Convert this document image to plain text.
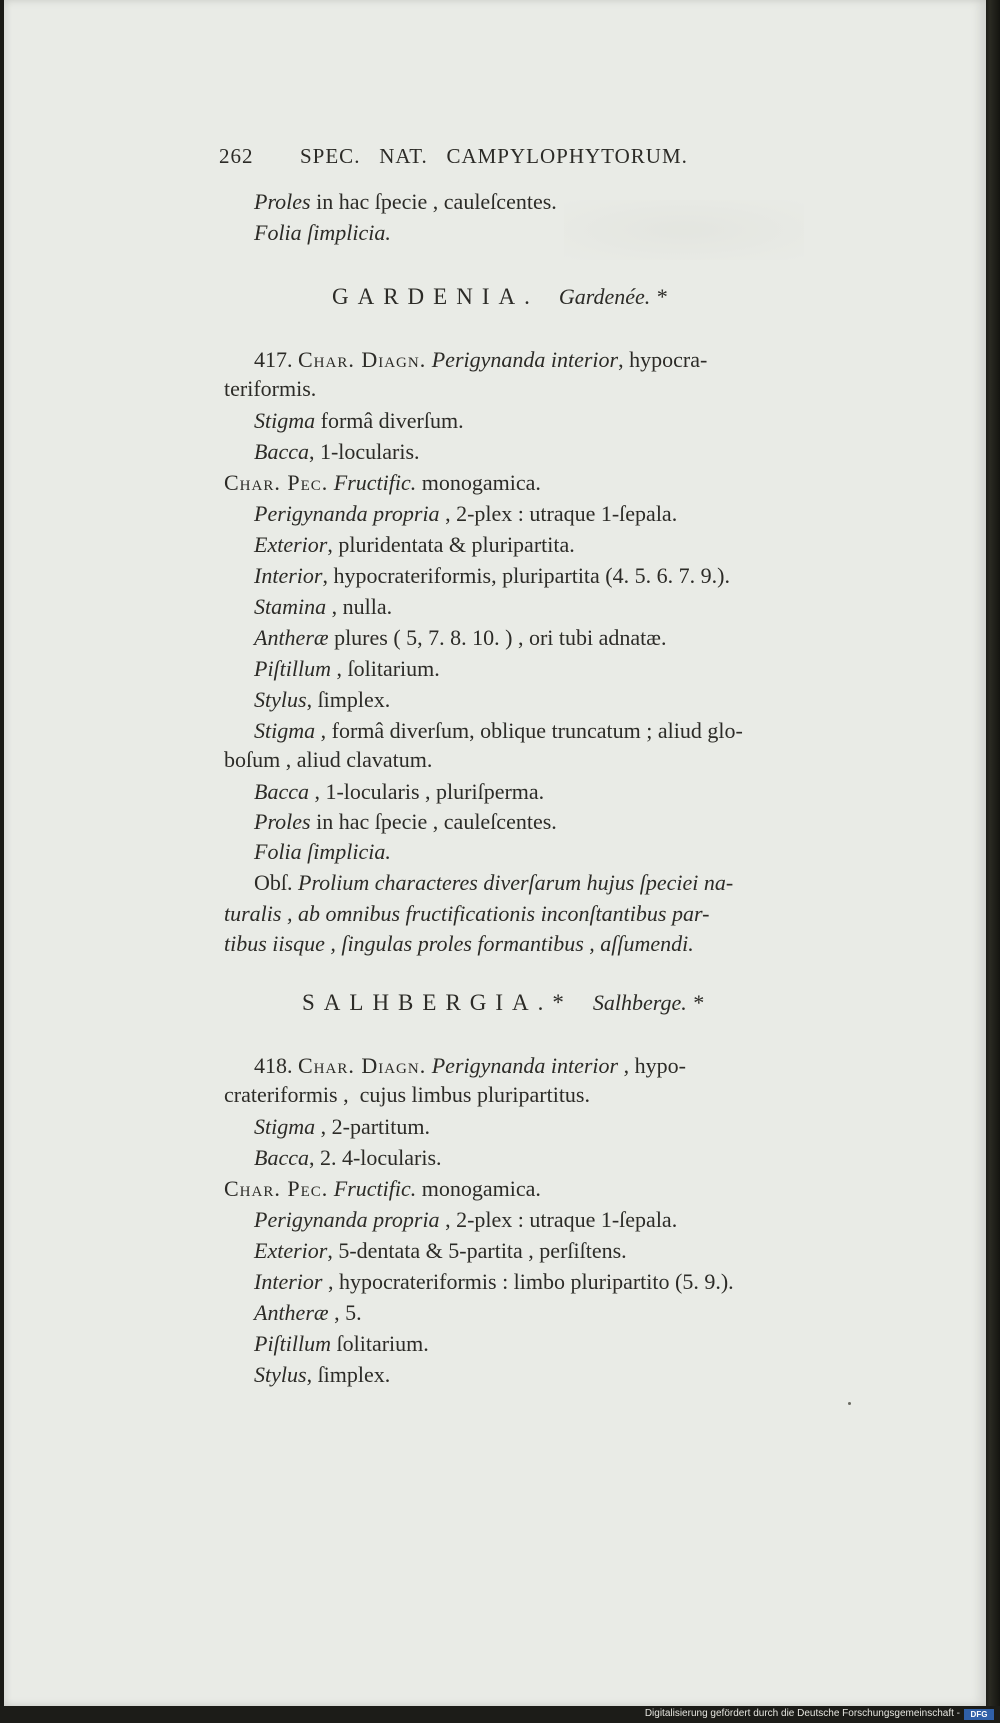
262 SPEC.   NAT.   CAMPYLOPHYTORUM.
Proles in hac ſpecie , cauleſcentes.
Folia ſimplicia.
GARDENIA. Gardenée. *
417. Char. Diagn. Perigynanda interior, hypocra-
teriformis.
Stigma formâ diverſum.
Bacca, 1-locularis.
Char. Pec. Fructific. monogamica.
Perigynanda propria , 2-plex : utraque 1-ſepala.
Exterior, pluridentata & pluripartita.
Interior, hypocrateriformis, pluripartita (4. 5. 6. 7. 9.).
Stamina , nulla.
Antheræ plures ( 5, 7. 8. 10. ) , ori tubi adnatæ.
Piſtillum , ſolitarium.
Stylus, ſimplex.
Stigma , formâ diverſum, oblique truncatum ; aliud glo-
boſum , aliud clavatum.
Bacca , 1-locularis , pluriſperma.
Proles in hac ſpecie , cauleſcentes.
Folia ſimplicia.
Obſ. Prolium characteres diverſarum hujus ſpeciei na-
turalis , ab omnibus fructificationis inconſtantibus par-
tibus iisque , ſingulas proles formantibus , aſſumendi.
SALHBERGIA.* Salhberge. *
418. Char. Diagn. Perigynanda interior , hypo-
crateriformis ,  cujus limbus pluripartitus.
Stigma , 2-partitum.
Bacca, 2. 4-locularis.
Char. Pec. Fructific. monogamica.
Perigynanda propria , 2-plex : utraque 1-ſepala.
Exterior, 5-dentata & 5-partita , perſiſtens.
Interior , hypocrateriformis : limbo pluripartito (5. 9.).
Antheræ , 5.
Piſtillum ſolitarium.
Stylus, ſimplex.
Digitalisierung gefördert durch die Deutsche Forschungsgemeinschaft -	DFG
